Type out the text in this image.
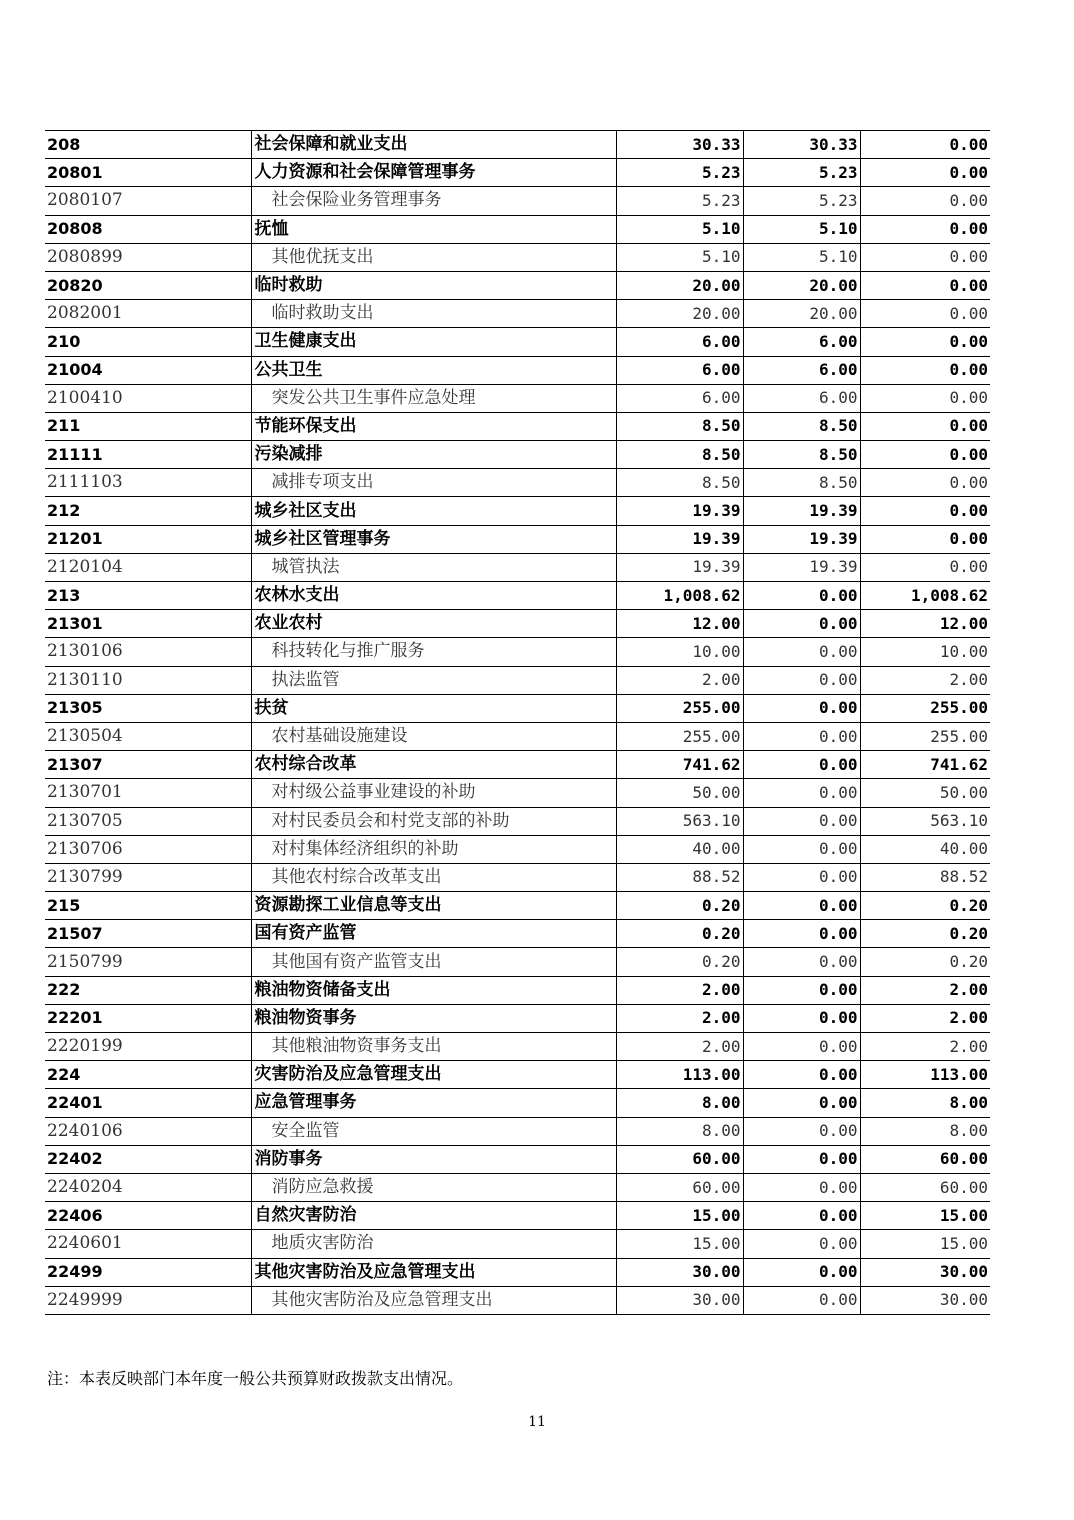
208	社会保障和就业支出	30.33	30.33	0.00
20801	人力资源和社会保障管理事务	5.23	5.23	0.00
2080107	社会保险业务管理事务	5.23	5.23	0.00
20808	抚恤	5.10	5.10	0.00
2080899	其他优抚支出	5.10	5.10	0.00
20820	临时救助	20.00	20.00	0.00
2082001	临时救助支出	20.00	20.00	0.00
210	卫生健康支出	6.00	6.00	0.00
21004	公共卫生	6.00	6.00	0.00
2100410	突发公共卫生事件应急处理	6.00	6.00	0.00
211	节能环保支出	8.50	8.50	0.00
21111	污染减排	8.50	8.50	0.00
2111103	减排专项支出	8.50	8.50	0.00
212	城乡社区支出	19.39	19.39	0.00
21201	城乡社区管理事务	19.39	19.39	0.00
2120104	城管执法	19.39	19.39	0.00
213	农林水支出	1,008.62	0.00	1,008.62
21301	农业农村	12.00	0.00	12.00
2130106	科技转化与推广服务	10.00	0.00	10.00
2130110	执法监管	2.00	0.00	2.00
21305	扶贫	255.00	0.00	255.00
2130504	农村基础设施建设	255.00	0.00	255.00
21307	农村综合改革	741.62	0.00	741.62
2130701	对村级公益事业建设的补助	50.00	0.00	50.00
2130705	对村民委员会和村党支部的补助	563.10	0.00	563.10
2130706	对村集体经济组织的补助	40.00	0.00	40.00
2130799	其他农村综合改革支出	88.52	0.00	88.52
215	资源勘探工业信息等支出	0.20	0.00	0.20
21507	国有资产监管	0.20	0.00	0.20
2150799	其他国有资产监管支出	0.20	0.00	0.20
222	粮油物资储备支出	2.00	0.00	2.00
22201	粮油物资事务	2.00	0.00	2.00
2220199	其他粮油物资事务支出	2.00	0.00	2.00
224	灾害防治及应急管理支出	113.00	0.00	113.00
22401	应急管理事务	8.00	0.00	8.00
2240106	安全监管	8.00	0.00	8.00
22402	消防事务	60.00	0.00	60.00
2240204	消防应急救援	60.00	0.00	60.00
22406	自然灾害防治	15.00	0.00	15.00
2240601	地质灾害防治	15.00	0.00	15.00
22499	其他灾害防治及应急管理支出	30.00	0.00	30.00
2249999	其他灾害防治及应急管理支出	30.00	0.00	30.00
注：本表反映部门本年度一般公共预算财政拨款支出情况。
11
